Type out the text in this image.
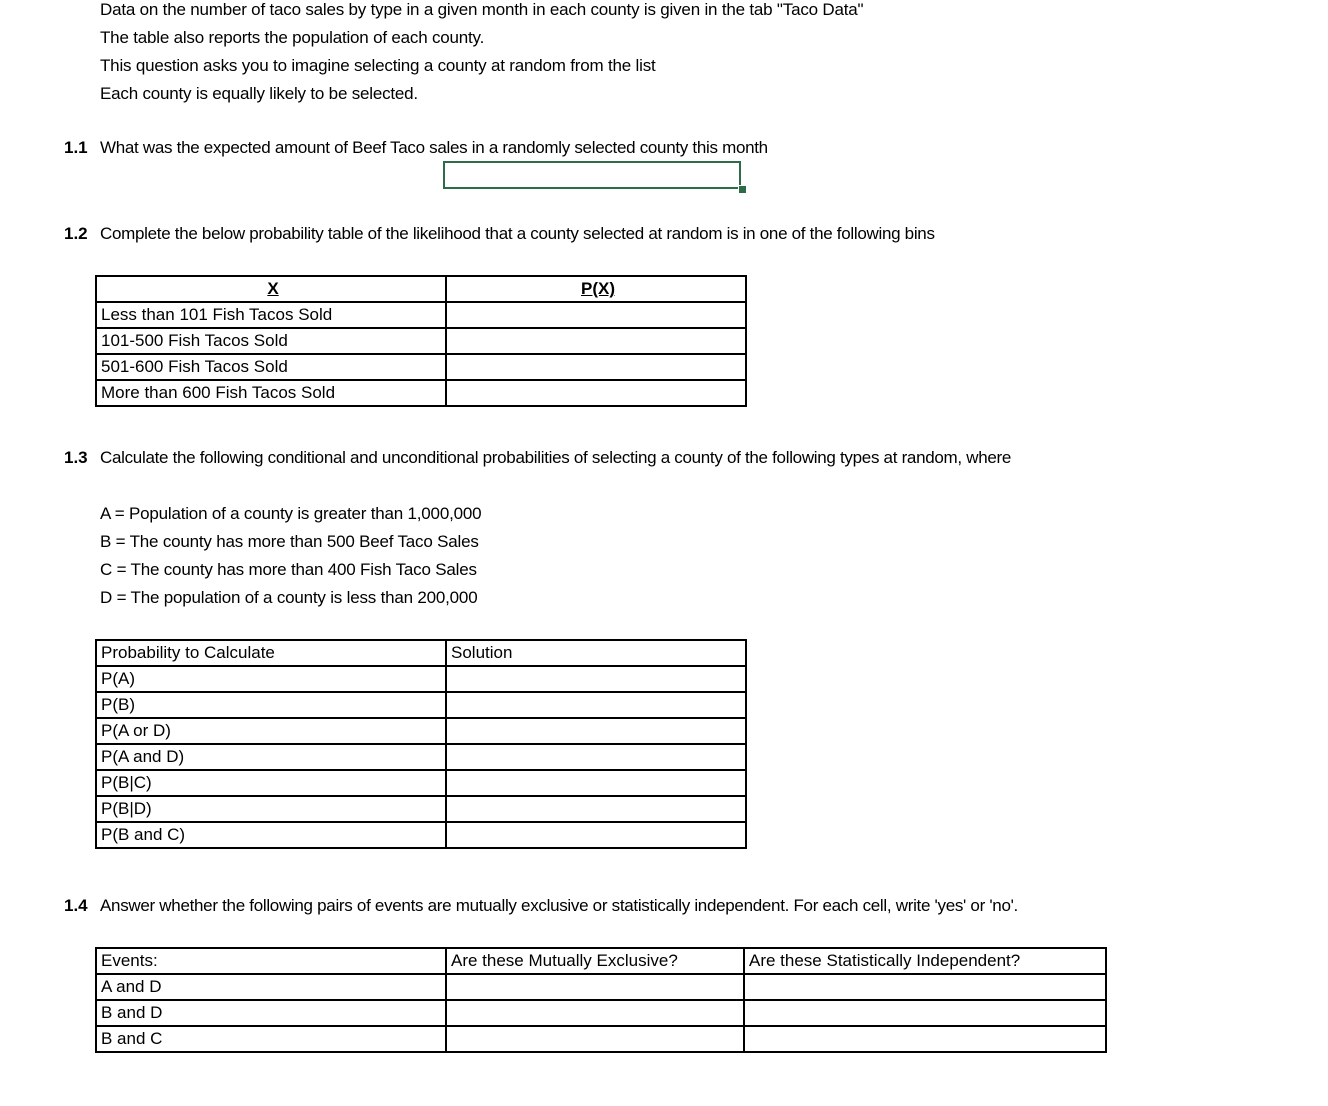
Data on the number of taco sales by type in a given month in each county is given in the tab "Taco Data"
The table also reports the population of each county.
This question asks you to imagine selecting a county at random from the list
Each county is equally likely to be selected.
1.1 What was the expected amount of Beef Taco sales in a randomly selected county this month
1.2 Complete the below probability table of the likelihood that a county selected at random is in one of the following bins
X	P(X)
Less than 101 Fish Tacos Sold	
101-500 Fish Tacos Sold	
501-600 Fish Tacos Sold	
More than 600 Fish Tacos Sold	
1.3 Calculate the following conditional and unconditional probabilities of selecting a county of the following types at random, where
A = Population of a county is greater than 1,000,000
B = The county has more than 500 Beef Taco Sales
C = The county has more than 400 Fish Taco Sales
D = The population of a county is less than 200,000
Probability to Calculate	Solution
P(A)	
P(B)	
P(A or D)	
P(A and D)	
P(B|C)	
P(B|D)	
P(B and C)	
1.4 Answer whether the following pairs of events are mutually exclusive or statistically independent. For each cell, write 'yes' or 'no'.
Events:	Are these Mutually Exclusive?	Are these Statistically Independent?
A and D		
B and D		
B and C		
